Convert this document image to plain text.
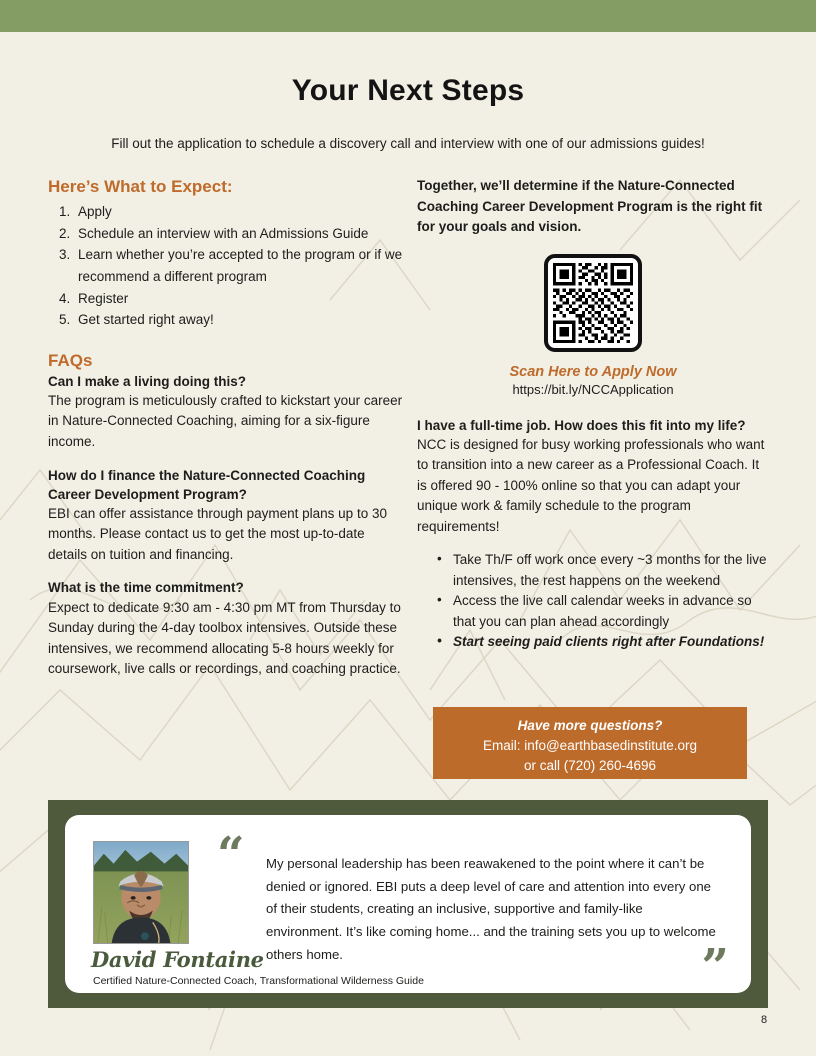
Your Next Steps
Fill out the application to schedule a discovery call and interview with one of our admissions guides!
Here’s What to Expect:
1. Apply
2. Schedule an interview with an Admissions Guide
3. Learn whether you’re accepted to the program or if we recommend a different program
4. Register
5. Get started right away!
FAQs
Can I make a living doing this?
The program is meticulously crafted to kickstart your career in Nature-Connected Coaching, aiming for a six-figure income.
How do I finance the Nature-Connected Coaching Career Development Program?
EBI can offer assistance through payment plans up to 30 months. Please contact us to get the most up-to-date details on tuition and financing.
What is the time commitment?
Expect to dedicate 9:30 am - 4:30 pm MT from Thursday to Sunday during the 4-day toolbox intensives. Outside these intensives, we recommend allocating 5-8 hours weekly for coursework, live calls or recordings, and coaching practice.
Together, we’ll determine if the Nature-Connected Coaching Career Development Program is the right fit for your goals and vision.
Scan Here to Apply Now
https://bit.ly/NCCApplication
I have a full-time job. How does this fit into my life?
NCC is designed for busy working professionals who want to transition into a new career as a Professional Coach. It is offered 90 - 100% online so that you can adapt your unique work & family schedule to the program requirements!
• Take Th/F off work once every ~3 months for the live intensives, the rest happens on the weekend
• Access the live call calendar weeks in advance so that you can plan ahead accordingly
• Start seeing paid clients right after Foundations!
Have more questions?
Email: info@earthbasedinstitute.org
or call (720) 260-4696
“ My personal leadership has been reawakened to the point where it can’t be denied or ignored. EBI puts a deep level of care and attention into every one of their students, creating an inclusive, supportive and family-like environment. It’s like coming home... and the training sets you up to welcome others home.	”
David Fontaine
Certified Nature-Connected Coach, Transformational Wilderness Guide
8
